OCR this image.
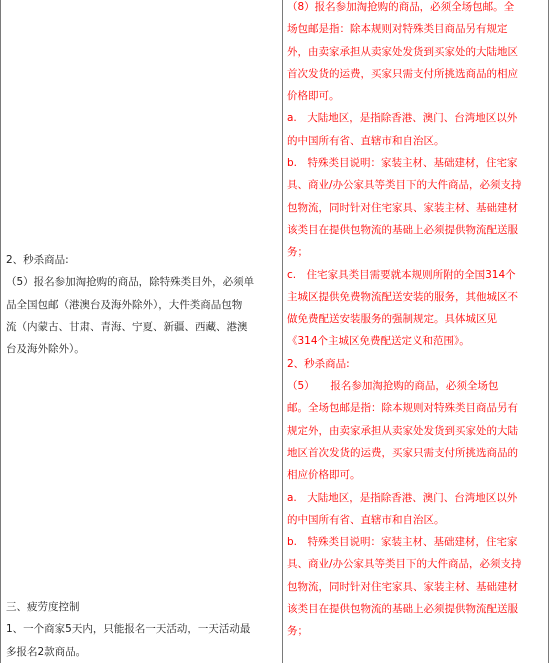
2、秒杀商品:
（5）报名参加淘抢购的商品，除特殊类目外，必须单
品全国包邮（港澳台及海外除外），大件类商品包物
流（内蒙古、甘肃、青海、宁夏、新疆、西藏、港澳
台及海外除外）。
三、疲劳度控制
1、一个商家5天内，只能报名一天活动，一天活动最
多报名2款商品。
（8）报名参加淘抢购的商品，必须全场包邮。全
场包邮是指：除本规则对特殊类目商品另有规定
外，由卖家承担从卖家处发货到买家处的大陆地区
首次发货的运费，买家只需支付所挑选商品的相应
价格即可。
a.　大陆地区，是指除香港、澳门、台湾地区以外
的中国所有省、直辖市和自治区。
b.　特殊类目说明：家装主材、基础建材，住宅家
具、商业/办公家具等类目下的大件商品，必须支持
包物流，同时针对住宅家具、家装主材、基础建材
该类目在提供包物流的基础上必须提供物流配送服
务；
c.　住宅家具类目需要就本规则所附的全国314个
主城区提供免费物流配送安装的服务，其他城区不
做免费配送安装服务的强制规定。具体城区见
《314个主城区免费配送定义和范围》。
2、秒杀商品:
（5）　　报名参加淘抢购的商品，必须全场包
邮。全场包邮是指：除本规则对特殊类目商品另有
规定外，由卖家承担从卖家处发货到买家处的大陆
地区首次发货的运费，买家只需支付所挑选商品的
相应价格即可。
a.　大陆地区，是指除香港、澳门、台湾地区以外
的中国所有省、直辖市和自治区。
b.　特殊类目说明：家装主材、基础建材，住宅家
具、商业/办公家具等类目下的大件商品，必须支持
包物流，同时针对住宅家具、家装主材、基础建材
该类目在提供包物流的基础上必须提供物流配送服
务；
